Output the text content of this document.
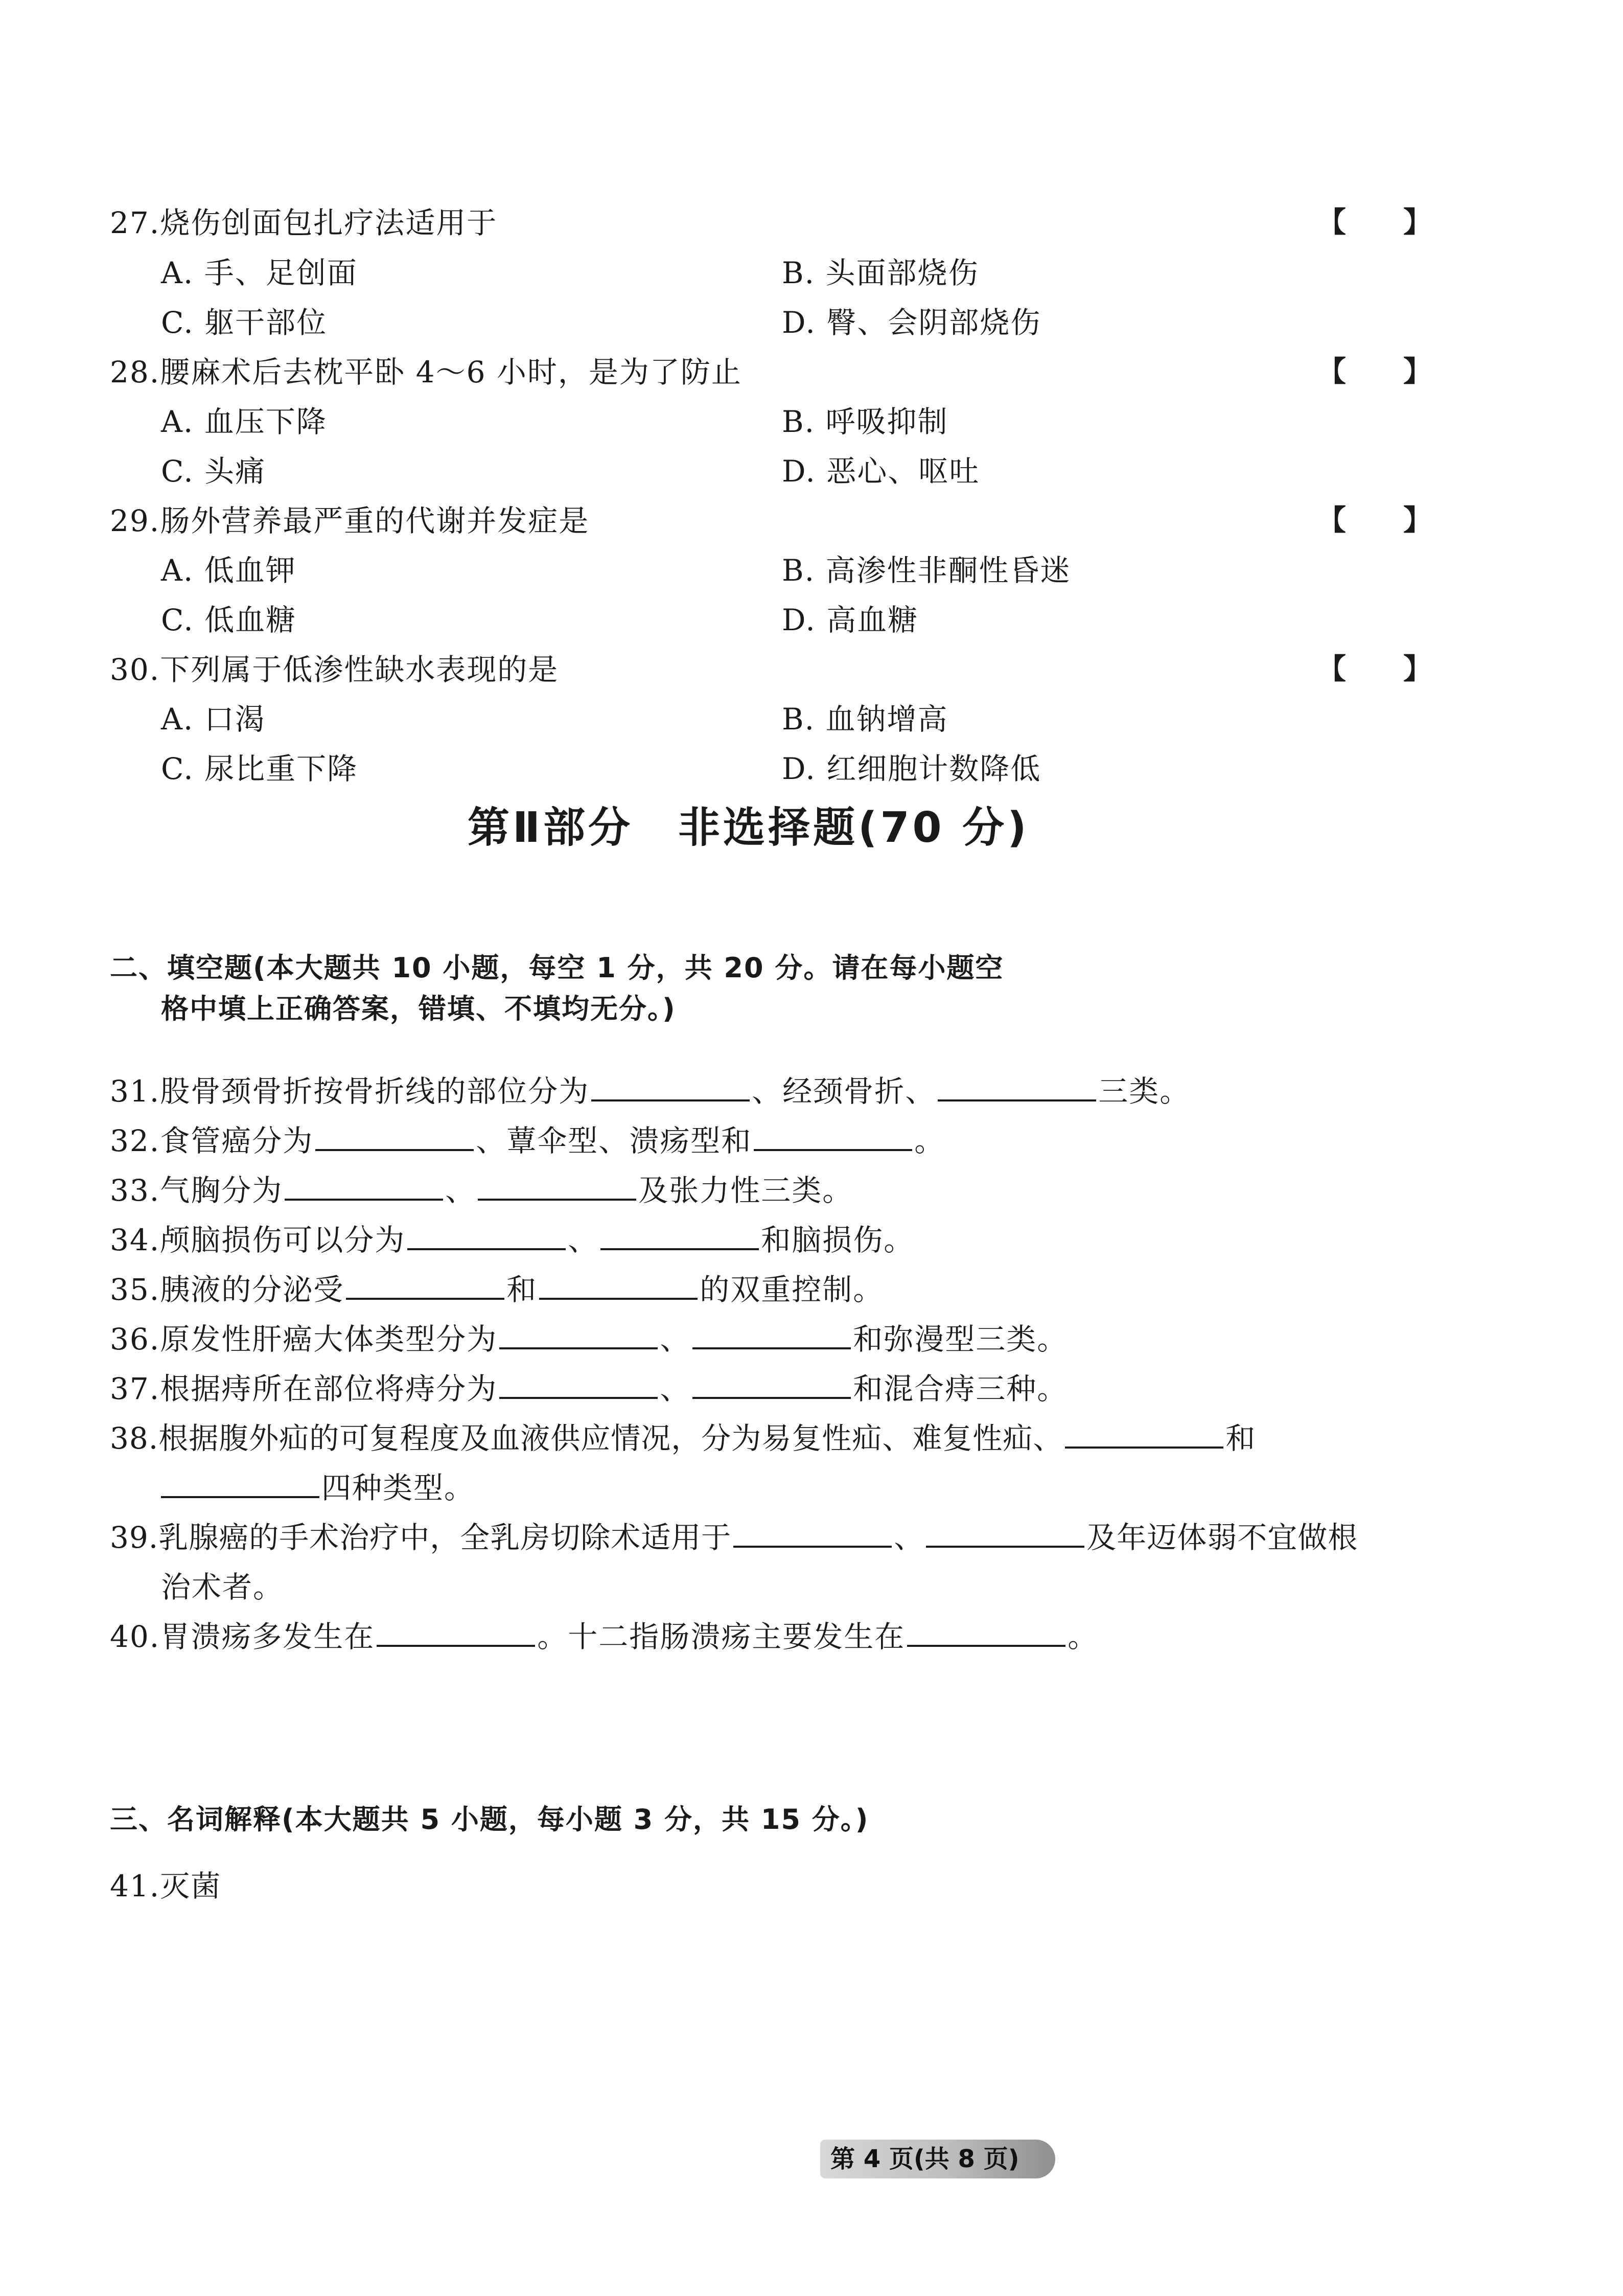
27.烧伤创面包扎疗法适用于	【　　】
A. 手、足创面	B. 头面部烧伤
C. 躯干部位	D. 臀、会阴部烧伤
28.腰麻术后去枕平卧 4～6 小时，是为了防止	【　　】
A. 血压下降	B. 呼吸抑制
C. 头痛	D. 恶心、呕吐
29.肠外营养最严重的代谢并发症是	【　　】
A. 低血钾	B. 高渗性非酮性昏迷
C. 低血糖	D. 高血糖
30.下列属于低渗性缺水表现的是	【　　】
A. 口渴	B. 血钠增高
C. 尿比重下降	D. 红细胞计数降低
第Ⅱ部分　非选择题(70 分)
二、填空题(本大题共 10 小题，每空 1 分，共 20 分。请在每小题空
格中填上正确答案，错填、不填均无分。)
31.股骨颈骨折按骨折线的部位分为	、经颈骨折、	三类。
32.食管癌分为	、蕈伞型、溃疡型和	。
33.气胸分为	、	及张力性三类。
34.颅脑损伤可以分为	、	和脑损伤。
35.胰液的分泌受	和	的双重控制。
36.原发性肝癌大体类型分为	、	和弥漫型三类。
37.根据痔所在部位将痔分为	、	和混合痔三种。
38.根据腹外疝的可复程度及血液供应情况，分为易复性疝、难复性疝、	和
四种类型。
39.乳腺癌的手术治疗中，全乳房切除术适用于	、	及年迈体弱不宜做根
治术者。
40.胃溃疡多发生在	。十二指肠溃疡主要发生在	。
三、名词解释(本大题共 5 小题，每小题 3 分，共 15 分。)
41.灭菌
第 4 页(共 8 页)
